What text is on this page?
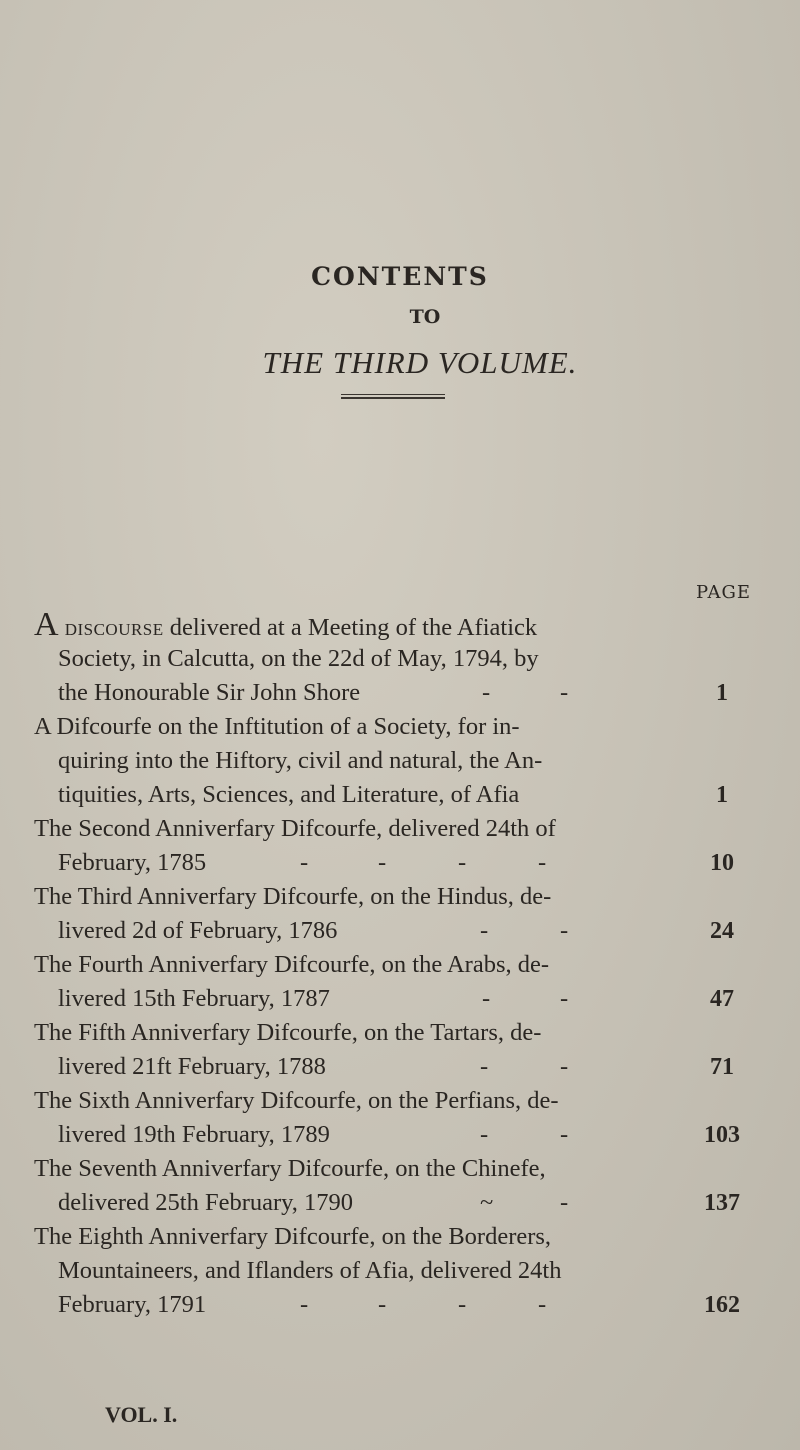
CONTENTS
TO
THE THIRD VOLUME.
PAGE
A DISCOURSE delivered at a Meeting of the Afiatick
Society, in Calcutta, on the 22d of May, 1794, by
the Honourable Sir John Shore	-	-	1
A Difcourfe on the Inftitution of a Society, for in-
quiring into the Hiftory, civil and natural, the An-
tiquities, Arts, Sciences, and Literature, of Afia	1
The Second Anniverfary Difcourfe, delivered 24th of
February, 1785	-	-	-	-	10
The Third Anniverfary Difcourfe, on the Hindus, de-
livered 2d of February, 1786	-	-	24
The Fourth Anniverfary Difcourfe, on the Arabs, de-
livered 15th February, 1787	-	-	47
The Fifth Anniverfary Difcourfe, on the Tartars, de-
livered 21ft February, 1788	-	-	71
The Sixth Anniverfary Difcourfe, on the Perfians, de-
livered 19th February, 1789	-	-	103
The Seventh Anniverfary Difcourfe, on the Chinefe,
delivered 25th February, 1790	~	-	137
The Eighth Anniverfary Difcourfe, on the Borderers,
Mountaineers, and Iflanders of Afia, delivered 24th
February, 1791	-	-	-	-	162
VOL. I.
